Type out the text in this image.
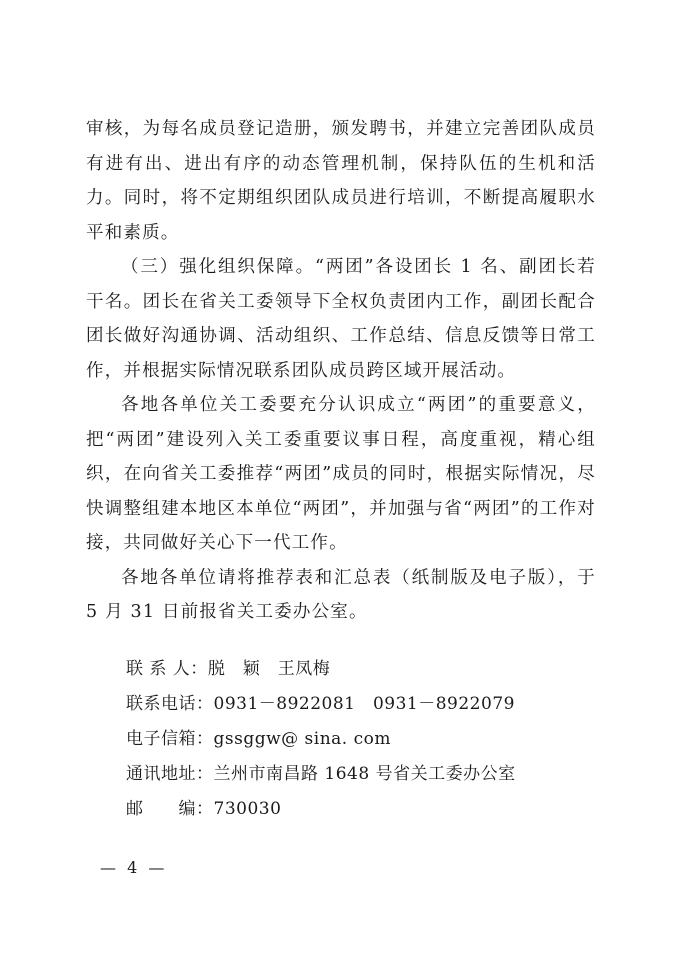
审核，为每名成员登记造册，颁发聘书，并建立完善团队成员有进有出、进出有序的动态管理机制，保持队伍的生机和活力。同时，将不定期组织团队成员进行培训，不断提高履职水平和素质。

（三）强化组织保障。“两团”各设团长 1 名、副团长若干名。团长在省关工委领导下全权负责团内工作，副团长配合团长做好沟通协调、活动组织、工作总结、信息反馈等日常工作，并根据实际情况联系团队成员跨区域开展活动。

各地各单位关工委要充分认识成立“两团”的重要意义，把“两团”建设列入关工委重要议事日程，高度重视，精心组织，在向省关工委推荐“两团”成员的同时，根据实际情况，尽快调整组建本地区本单位“两团”，并加强与省“两团”的工作对接，共同做好关心下一代工作。

各地各单位请将推荐表和汇总表（纸制版及电子版），于 5 月 31 日前报省关工委办公室。

联 系 人：脱　颖　王凤梅
联系电话：0931－8922081　0931－8922079
电子信箱：gssggw@ sina. com
通讯地址：兰州市南昌路 1648 号省关工委办公室
邮　　编：730030
— 4 —
